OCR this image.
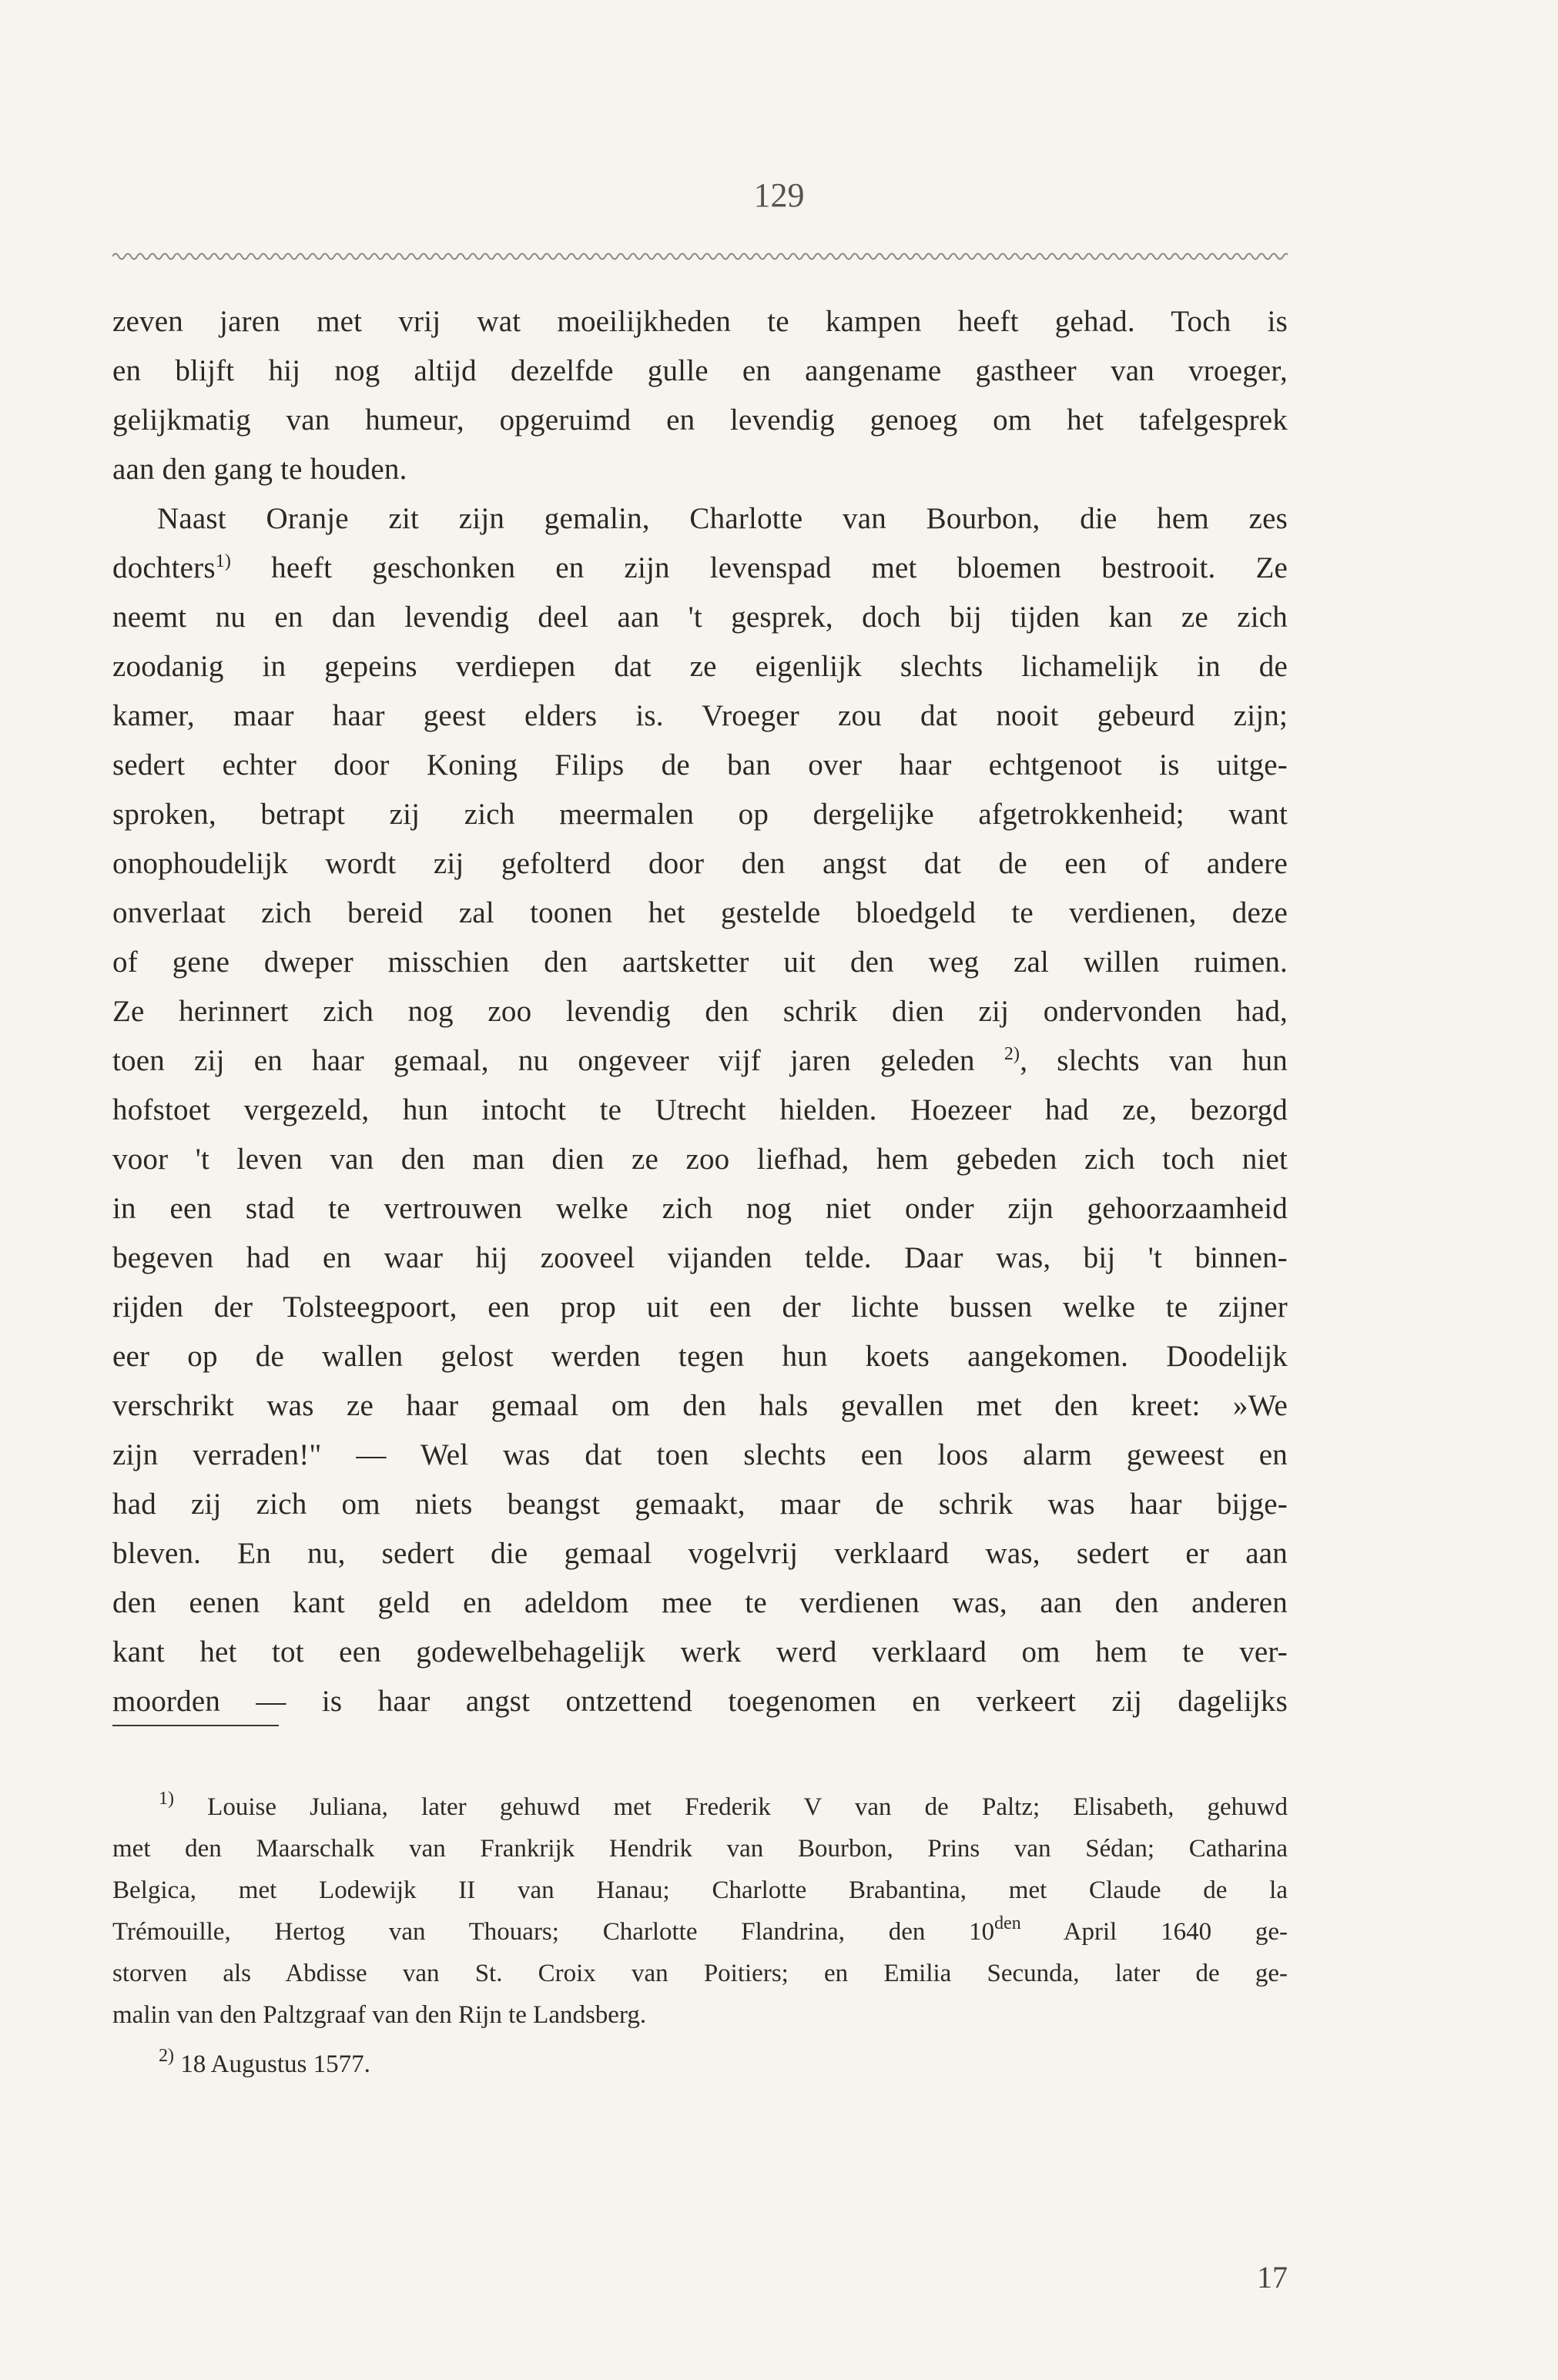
129
zeven jaren met vrij wat moeilijkheden te kampen heeft gehad. Toch is
en blijft hij nog altijd dezelfde gulle en aangename gastheer van vroeger,
gelijkmatig van humeur, opgeruimd en levendig genoeg om het tafelgesprek
aan den gang te houden.
Naast Oranje zit zijn gemalin, Charlotte van Bourbon, die hem zes
dochters$^{1)}$ heeft geschonken en zijn levenspad met bloemen bestrooit. Ze
neemt nu en dan levendig deel aan 't gesprek, doch bij tijden kan ze zich
zoodanig in gepeins verdiepen dat ze eigenlijk slechts lichamelijk in de
kamer, maar haar geest elders is. Vroeger zou dat nooit gebeurd zijn;
sedert echter door Koning Filips de ban over haar echtgenoot is uitge-
sproken, betrapt zij zich meermalen op dergelijke afgetrokkenheid; want
onophoudelijk wordt zij gefolterd door den angst dat de een of andere
onverlaat zich bereid zal toonen het gestelde bloedgeld te verdienen, deze
of gene dweper misschien den aartsketter uit den weg zal willen ruimen.
Ze herinnert zich nog zoo levendig den schrik dien zij ondervonden had,
toen zij en haar gemaal, nu ongeveer vijf jaren geleden $^{2)}$, slechts van hun
hofstoet vergezeld, hun intocht te Utrecht hielden. Hoezeer had ze, bezorgd
voor 't leven van den man dien ze zoo liefhad, hem gebeden zich toch niet
in een stad te vertrouwen welke zich nog niet onder zijn gehoorzaamheid
begeven had en waar hij zooveel vijanden telde. Daar was, bij 't binnen-
rijden der Tolsteegpoort, een prop uit een der lichte bussen welke te zijner
eer op de wallen gelost werden tegen hun koets aangekomen. Doodelijk
verschrikt was ze haar gemaal om den hals gevallen met den kreet: »We
zijn verraden!" — Wel was dat toen slechts een loos alarm geweest en
had zij zich om niets beangst gemaakt, maar de schrik was haar bijge-
bleven. En nu, sedert die gemaal vogelvrij verklaard was, sedert er aan
den eenen kant geld en adeldom mee te verdienen was, aan den anderen
kant het tot een godewelbehagelijk werk werd verklaard om hem te ver-
moorden — is haar angst ontzettend toegenomen en verkeert zij dagelijks
$^{1)}$ Louise Juliana, later gehuwd met Frederik V van de Paltz; Elisabeth, gehuwd
met den Maarschalk van Frankrijk Hendrik van Bourbon, Prins van Sédan; Catharina
Belgica, met Lodewijk II van Hanau; Charlotte Brabantina, met Claude de la
Trémouille, Hertog van Thouars; Charlotte Flandrina, den $10^{den}$ April 1640 ge-
storven als Abdisse van St. Croix van Poitiers; en Emilia Secunda, later de ge-
malin van den Paltzgraaf van den Rijn te Landsberg.
$^{2)}$ 18 Augustus 1577.
17
